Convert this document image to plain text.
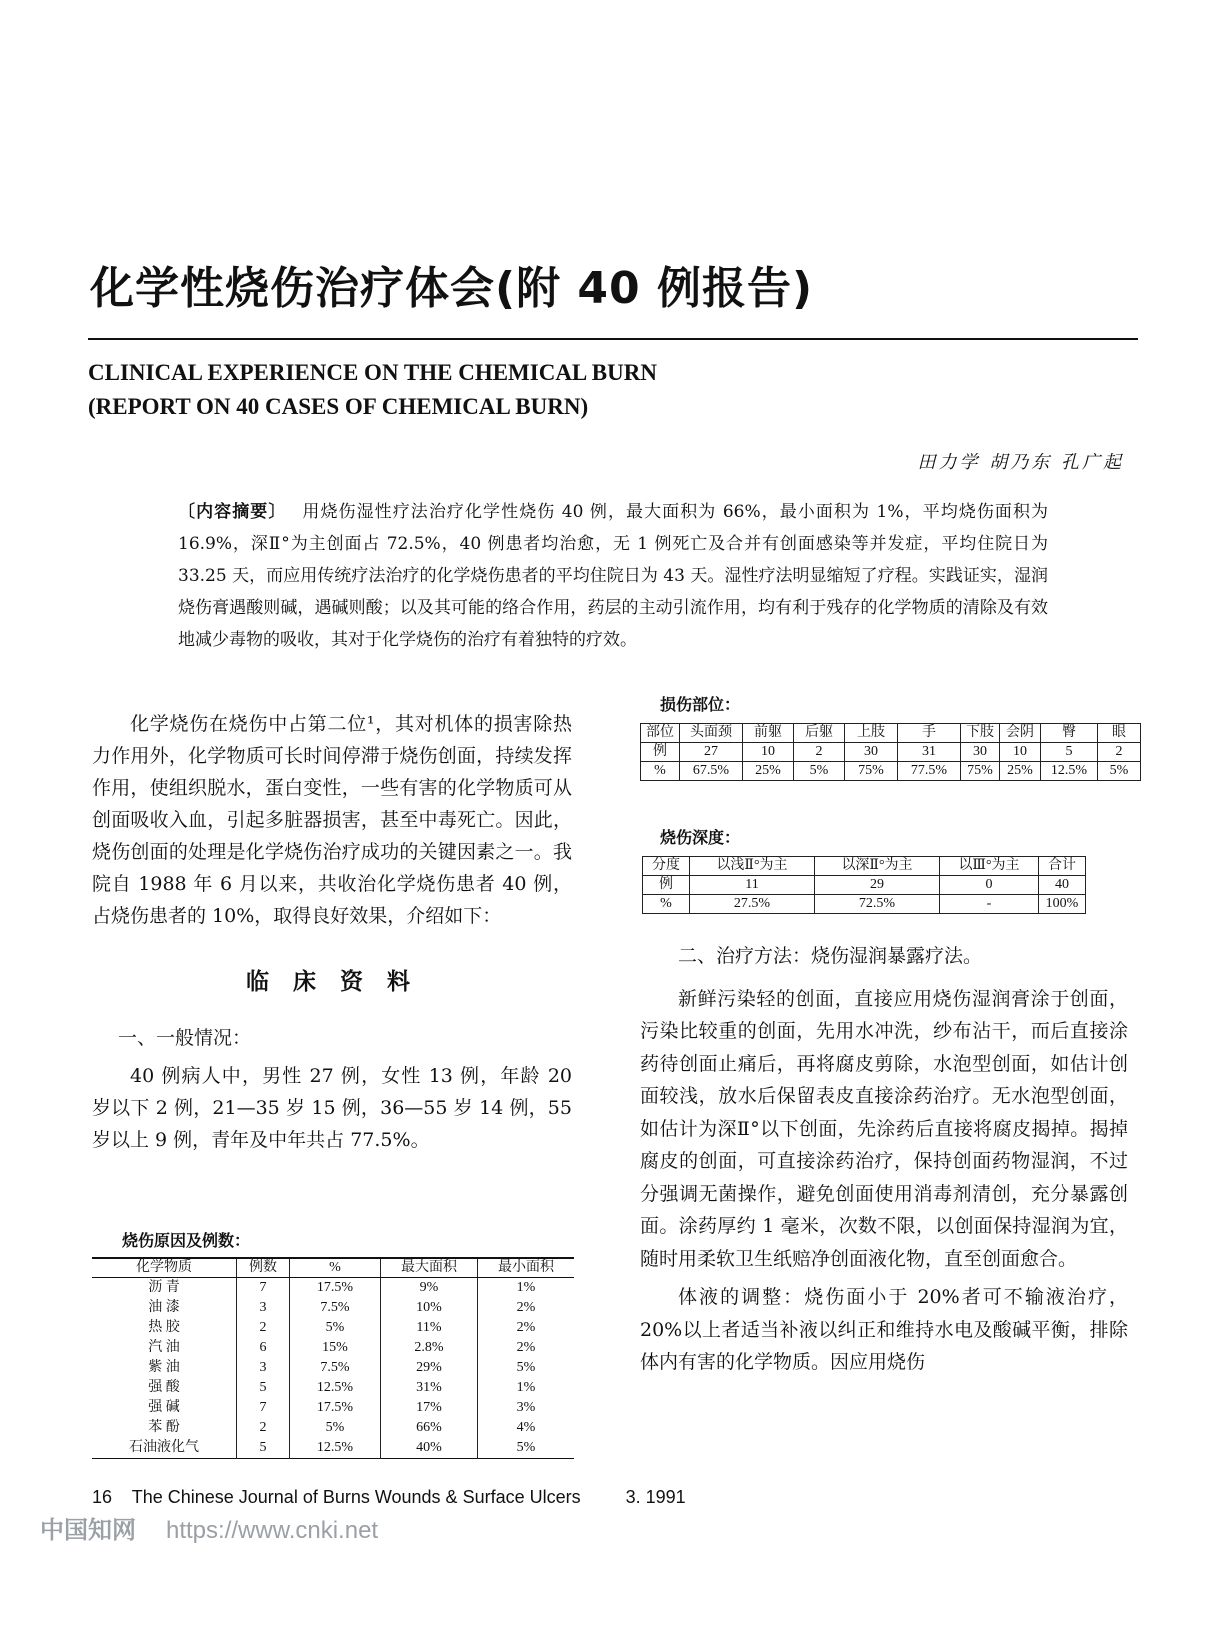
化学性烧伤治疗体会(附 40 例报告)
CLINICAL EXPERIENCE ON THE CHEMICAL BURN
(REPORT ON 40 CASES OF CHEMICAL BURN)
田力学 胡乃东 孔广起
〔内容摘要〕 用烧伤湿性疗法治疗化学性烧伤 40 例，最大面积为 66%，最小面积为 1%，平均烧伤面积为 16.9%，深Ⅱ°为主创面占 72.5%，40 例患者均治愈，无 1 例死亡及合并有创面感染等并发症，平均住院日为 33.25 天，而应用传统疗法治疗的化学烧伤患者的平均住院日为 43 天。湿性疗法明显缩短了疗程。实践证实，湿润烧伤膏遇酸则碱，遇碱则酸；以及其可能的络合作用，药层的主动引流作用，均有利于残存的化学物质的清除及有效地减少毒物的吸收，其对于化学烧伤的治疗有着独特的疗效。

化学烧伤在烧伤中占第二位¹，其对机体的损害除热力作用外，化学物质可长时间停滞于烧伤创面，持续发挥作用，使组织脱水，蛋白变性，一些有害的化学物质可从创面吸收入血，引起多脏器损害，甚至中毒死亡。因此，烧伤创面的处理是化学烧伤治疗成功的关键因素之一。我院自 1988 年 6 月以来，共收治化学烧伤患者 40 例，占烧伤患者的 10%，取得良好效果，介绍如下：

临 床 资 料

一、一般情况：

40 例病人中，男性 27 例，女性 13 例，年龄 20 岁以下 2 例，21—35 岁 15 例，36—55 岁 14 例，55 岁以上 9 例，青年及中年共占 77.5%。

烧伤原因及例数：
化学物质	例数	%	最大面积	最小面积
沥 青	7	17.5%	9%	1%
油 漆	3	7.5%	10%	2%
热 胶	2	5%	11%	2%
汽 油	6	15%	2.8%	2%
紫 油	3	7.5%	29%	5%
强 酸	5	12.5%	31%	1%
强 碱	7	17.5%	17%	3%
苯 酚	2	5%	66%	4%
石油液化气	5	12.5%	40%	5%
损伤部位：
部位	头面颈	前躯	后躯	上肢	手	下肢	会阴	臀	眼
例	27	10	2	30	31	30	10	5	2
%	67.5%	25%	5%	75%	77.5%	75%	25%	12.5%	5%
烧伤深度：
分度	以浅Ⅱ°为主	以深Ⅱ°为主	以Ⅲ°为主	合计
例	11	29	0	40
%	27.5%	72.5%	-	100%

二、治疗方法：烧伤湿润暴露疗法。

新鲜污染轻的创面，直接应用烧伤湿润膏涂于创面，污染比较重的创面，先用水冲洗，纱布沾干，而后直接涂药待创面止痛后，再将腐皮剪除，水泡型创面，如估计创面较浅，放水后保留表皮直接涂药治疗。无水泡型创面，如估计为深Ⅱ°以下创面，先涂药后直接将腐皮揭掉。揭掉腐皮的创面，可直接涂药治疗，保持创面药物湿润，不过分强调无菌操作，避免创面使用消毒剂清创，充分暴露创面。涂药厚约 1 毫米，次数不限，以创面保持湿润为宜，随时用柔软卫生纸赔净创面液化物，直至创面愈合。

体液的调整：烧伤面小于 20%者可不输液治疗，20%以上者适当补液以纠正和维持水电及酸碱平衡，排除体内有害的化学物质。因应用烧伤

16 The Chinese Journal of Burns Wounds & Surface Ulcers	3. 1991
中国知网 https://www.cnki.net
